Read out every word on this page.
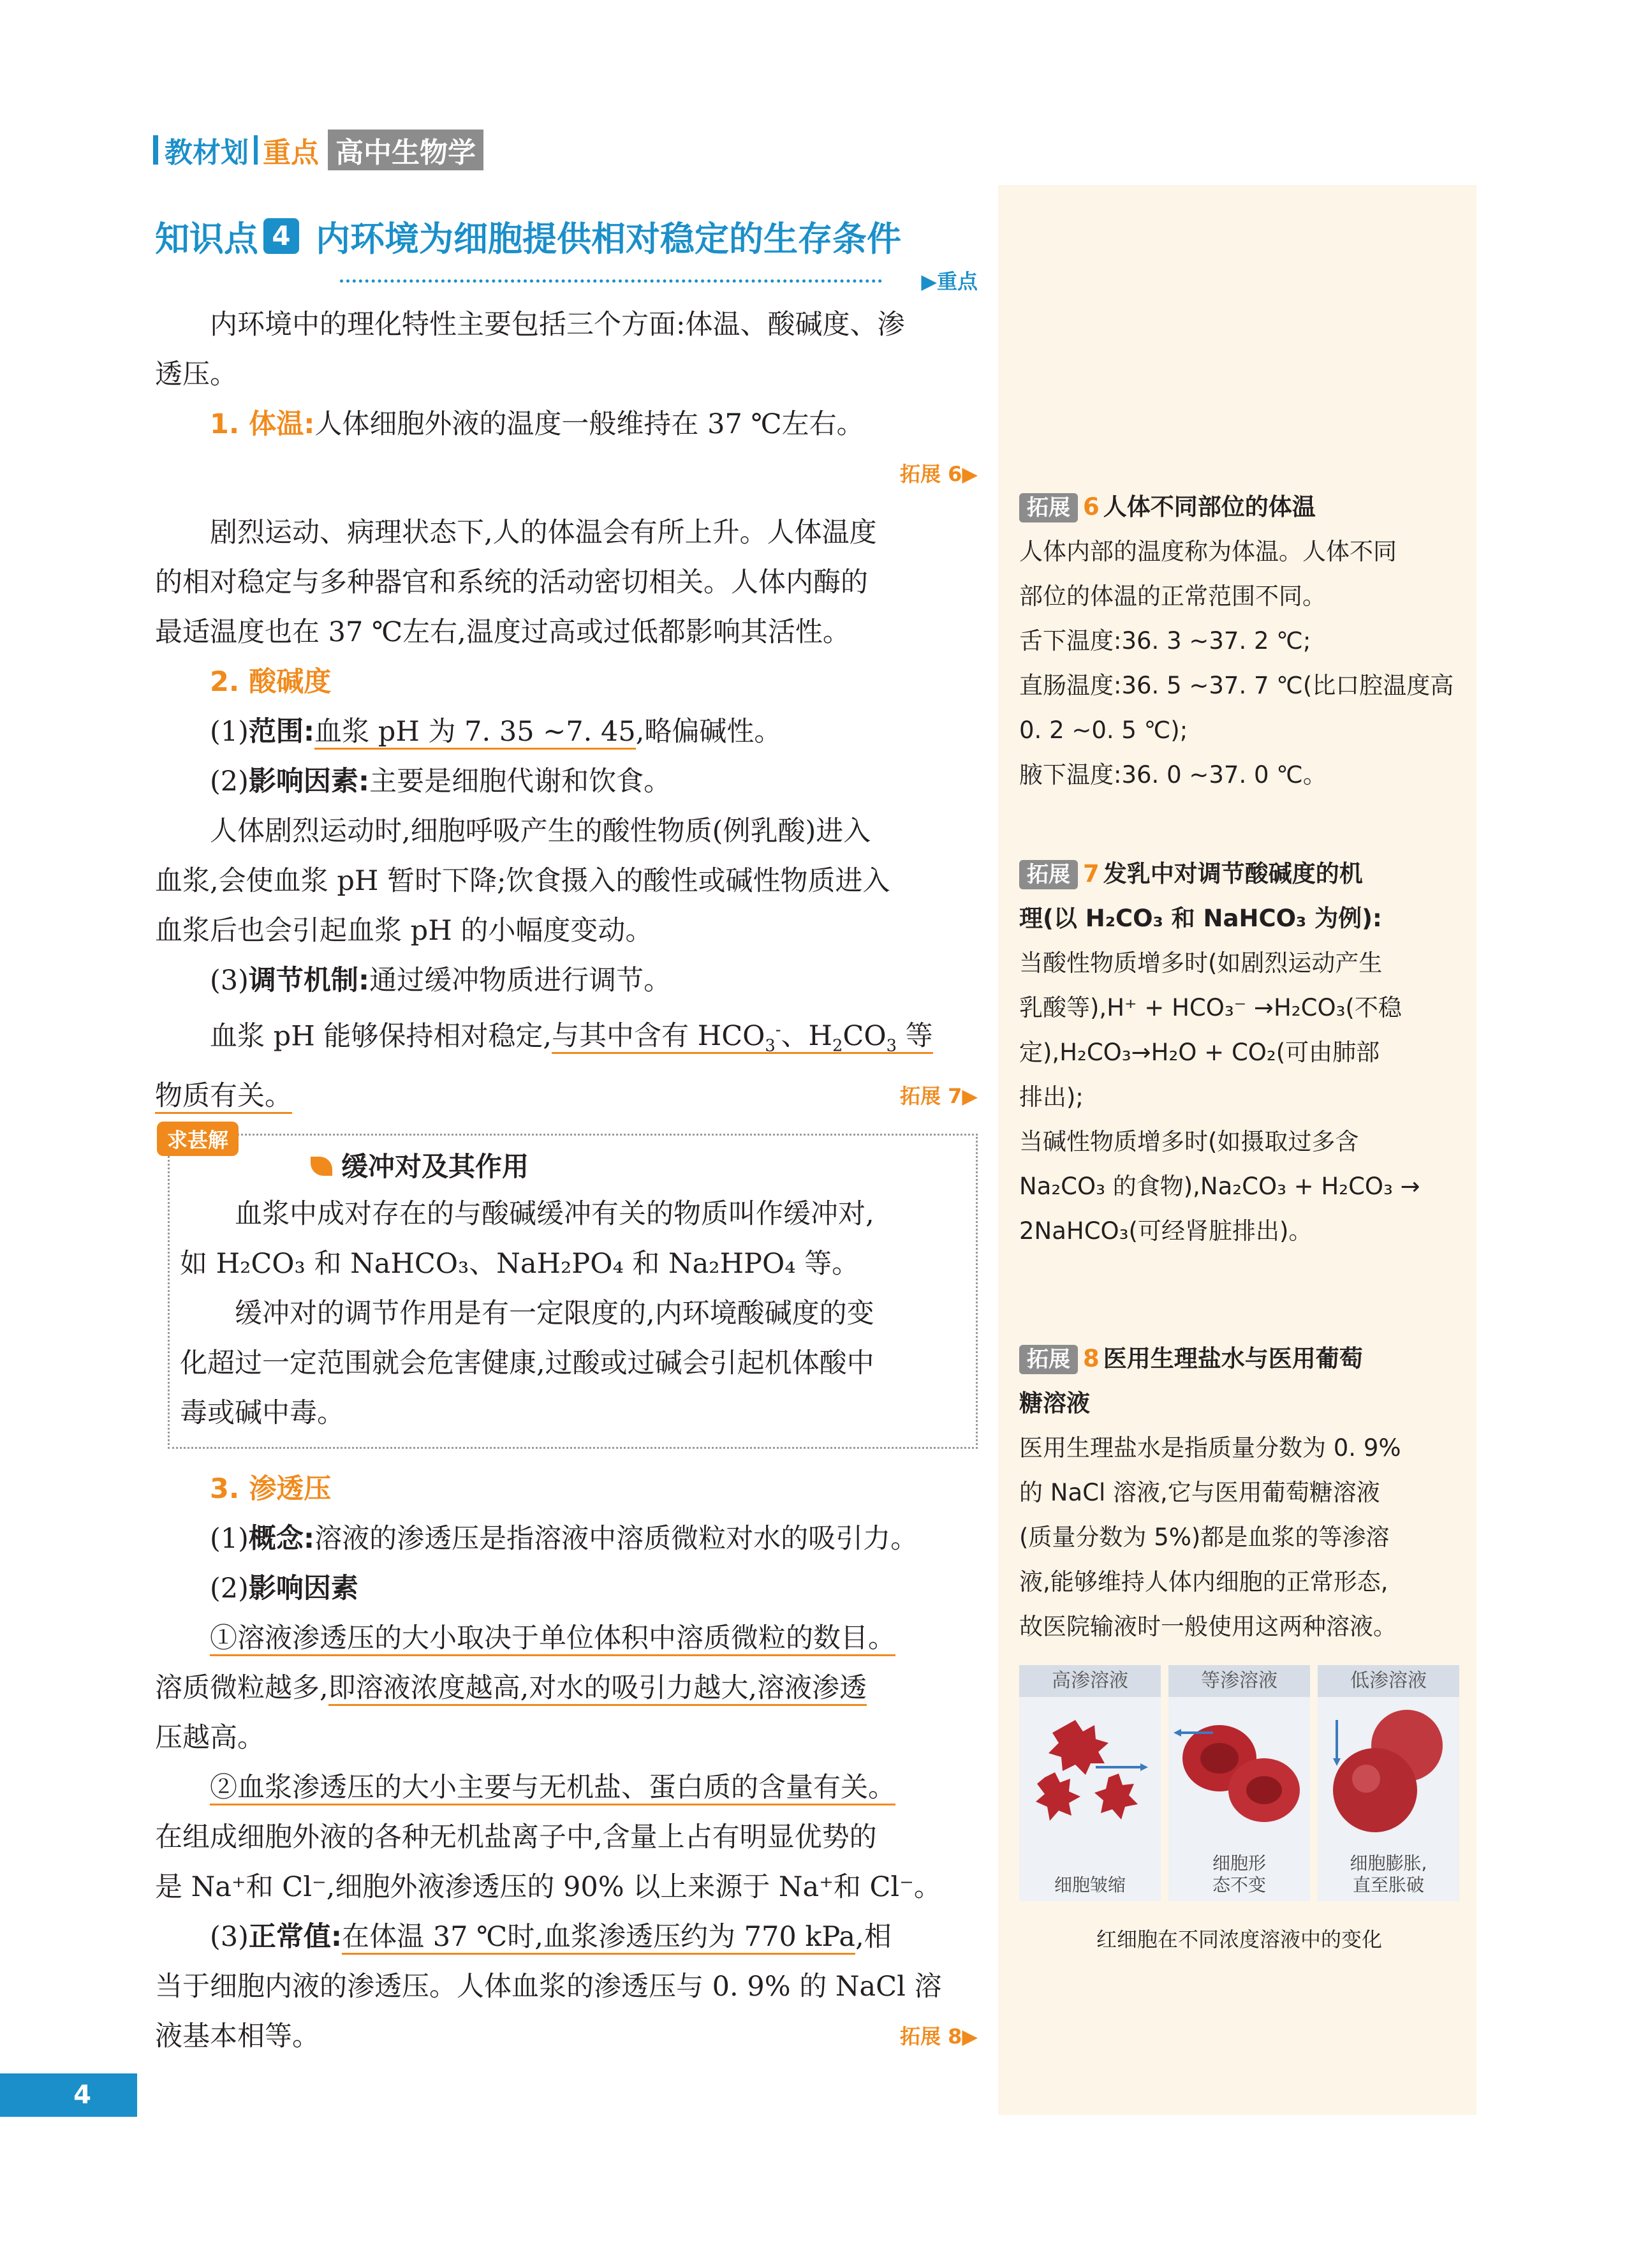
教材划 重点 高中生物学
知识点 4 内环境为细胞提供相对稳定的生存条件
▶重点

内环境中的理化特性主要包括三个方面:体温、酸碱度、渗

透压。

1. 体温:人体细胞外液的温度一般维持在 37 ℃左右。

拓展 6▶

剧烈运动、病理状态下,人的体温会有所上升。人体温度

的相对稳定与多种器官和系统的活动密切相关。人体内酶的

最适温度也在 37 ℃左右,温度过高或过低都影响其活性。

2. 酸碱度

(1)范围:血浆 pH 为 7. 35 ~7. 45,略偏碱性。

(2)影响因素:主要是细胞代谢和饮食。

人体剧烈运动时,细胞呼吸产生的酸性物质(例乳酸)进入

血浆,会使血浆 pH 暂时下降;饮食摄入的酸性或碱性物质进入

血浆后也会引起血浆 pH 的小幅度变动。

(3)调节机制:通过缓冲物质进行调节。

血浆 pH 能够保持相对稳定,与其中含有 $HCO_3^-$、$H_2CO_3$ 等

物质有关。	拓展 7▶

求甚解
缓冲对及其作用

血浆中成对存在的与酸碱缓冲有关的物质叫作缓冲对,

如 H₂CO₃ 和 NaHCO₃、NaH₂PO₄ 和 Na₂HPO₄ 等。

缓冲对的调节作用是有一定限度的,内环境酸碱度的变

化超过一定范围就会危害健康,过酸或过碱会引起机体酸中

毒或碱中毒。

3. 渗透压

(1)概念:溶液的渗透压是指溶液中溶质微粒对水的吸引力。

(2)影响因素

①溶液渗透压的大小取决于单位体积中溶质微粒的数目。

溶质微粒越多,即溶液浓度越高,对水的吸引力越大,溶液渗透

压越高。

②血浆渗透压的大小主要与无机盐、蛋白质的含量有关。

在组成细胞外液的各种无机盐离子中,含量上占有明显优势的

是 Na⁺和 Cl⁻,细胞外液渗透压的 90% 以上来源于 Na⁺和 Cl⁻。

(3)正常值:在体温 37 ℃时,血浆渗透压约为 770 kPa,相

当于细胞内液的渗透压。人体血浆的渗透压与 0. 9% 的 NaCl 溶

液基本相等。	拓展 8▶

拓展 6 人体不同部位的体温

人体内部的温度称为体温。人体不同

部位的体温的正常范围不同。

舌下温度:36. 3 ~37. 2 ℃;

直肠温度:36. 5 ~37. 7 ℃(比口腔温度高

0. 2 ~0. 5 ℃);

腋下温度:36. 0 ~37. 0 ℃。

拓展 7 发乳中对调节酸碱度的机
理(以 H₂CO₃ 和 NaHCO₃ 为例):

当酸性物质增多时(如剧烈运动产生

乳酸等),H⁺ + HCO₃⁻ →H₂CO₃(不稳

定),H₂CO₃→H₂O + CO₂(可由肺部

排出);

当碱性物质增多时(如摄取过多含

Na₂CO₃ 的食物),Na₂CO₃ + H₂CO₃ →

2NaHCO₃(可经肾脏排出)。

拓展 8 医用生理盐水与医用葡萄
糖溶液

医用生理盐水是指质量分数为 0. 9%

的 NaCl 溶液,它与医用葡萄糖溶液

(质量分数为 5%)都是血浆的等渗溶

液,能够维持人体内细胞的正常形态,

故医院输液时一般使用这两种溶液。

高渗溶液
细胞皱缩
等渗溶液
细胞形
态不变
低渗溶液
细胞膨胀,
直至胀破
红细胞在不同浓度溶液中的变化
4
